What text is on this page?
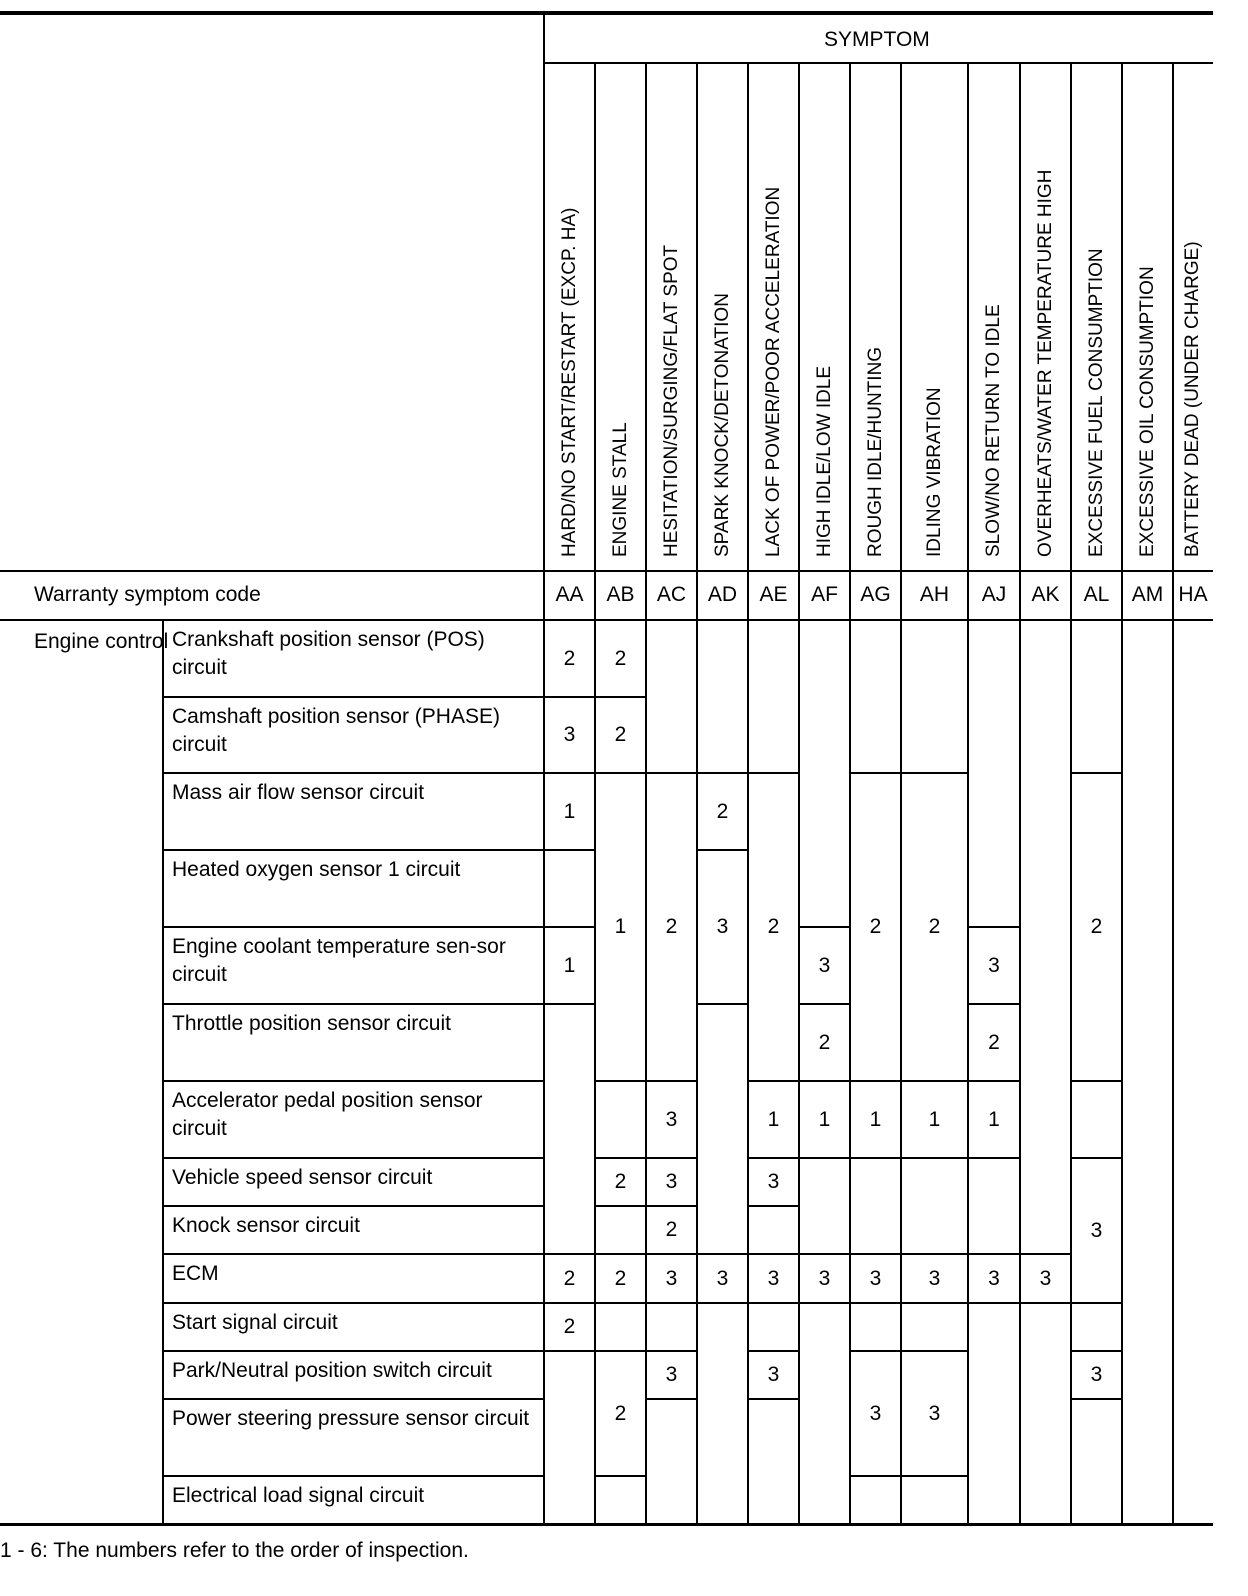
SYMPTOM
Warranty symptom code
Engine control
HARD/NO START/RESTART (EXCP. HA)
AA
ENGINE STALL
AB
HESITATION/SURGING/FLAT SPOT
AC
SPARK KNOCK/DETONATION
AD
LACK OF POWER/POOR ACCELERATION
AE
HIGH IDLE/LOW IDLE
AF
ROUGH IDLE/HUNTING
AG
IDLING VIBRATION
AH
SLOW/NO RETURN TO IDLE
AJ
OVERHEATS/WATER TEMPERATURE HIGH
AK
EXCESSIVE FUEL CONSUMPTION
AL
EXCESSIVE OIL CONSUMPTION
AM
BATTERY DEAD (UNDER CHARGE)
HA
Crankshaft position sensor (POS) circuit
Camshaft position sensor (PHASE) circuit
Mass air flow sensor circuit
Heated oxygen sensor 1 circuit
Engine coolant temperature sen-sor circuit
Throttle position sensor circuit
Accelerator pedal position sensor circuit
Vehicle speed sensor circuit
Knock sensor circuit
ECM
Start signal circuit
Park/Neutral position switch circuit
Power steering pressure sensor circuit
Electrical load signal circuit
2
3
1
1
2
2
2
2
1
2
2
2
2
3
3
2
3
3
2
3
3
2
1
3
3
3
3
2
1
3
2
1
3
3
2
1
3
3
3
2
1
3	3
2
3
3
1 - 6: The numbers refer to the order of inspection.
